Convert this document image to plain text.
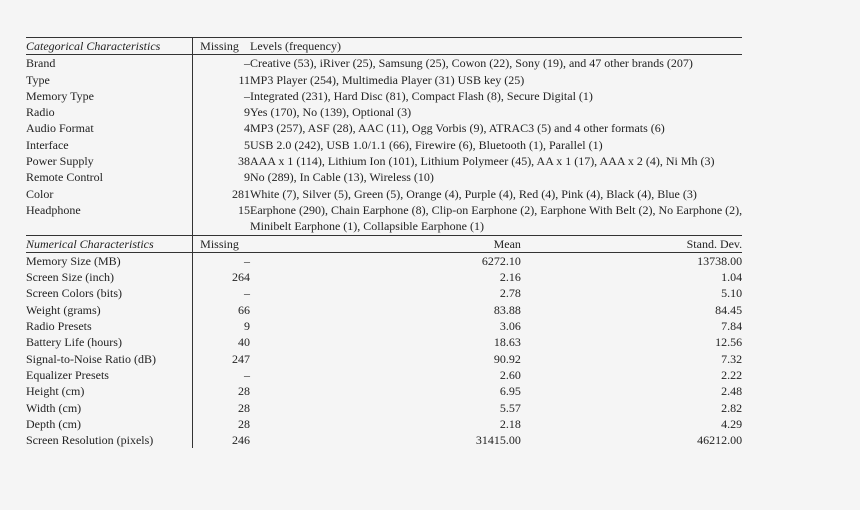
Categorical Characteristics	Missing	Levels (frequency)	
Brand	–	Creative (53), iRiver (25), Samsung (25), Cowon (22), Sony (19), and 47 other brands (207)	
Type	11	MP3 Player (254), Multimedia Player (31) USB key (25)	
Memory Type	–	Integrated (231), Hard Disc (81), Compact Flash (8), Secure Digital (1)	
Radio	9	Yes (170), No (139), Optional (3)	
Audio Format	4	MP3 (257), ASF (28), AAC (11), Ogg Vorbis (9), ATRAC3 (5) and 4 other formats (6)	
Interface	5	USB 2.0 (242), USB 1.0/1.1 (66), Firewire (6), Bluetooth (1), Parallel (1)	
Power Supply	38	AAA x 1 (114), Lithium Ion (101), Lithium Polymeer (45), AA x 1 (17), AAA x 2 (4), Ni Mh (3)	
Remote Control	9	No (289), In Cable (13), Wireless (10)	
Color	281	White (7), Silver (5), Green (5), Orange (4), Purple (4), Red (4), Pink (4), Black (4), Blue (3)	
Headphone	15	Earphone (290), Chain Earphone (8), Clip-on Earphone (2), Earphone With Belt (2), No Earphone (2),	
		Minibelt Earphone (1), Collapsible Earphone (1)	
Numerical Characteristics	Missing	Mean	Stand. Dev.
Memory Size (MB)	–	6272.10	13738.00
Screen Size (inch)	264	2.16	1.04
Screen Colors (bits)	–	2.78	5.10
Weight (grams)	66	83.88	84.45
Radio Presets	9	3.06	7.84
Battery Life (hours)	40	18.63	12.56
Signal-to-Noise Ratio (dB)	247	90.92	7.32
Equalizer Presets	–	2.60	2.22
Height (cm)	28	6.95	2.48
Width (cm)	28	5.57	2.82
Depth (cm)	28	2.18	4.29
Screen Resolution (pixels)	246	31415.00	46212.00
